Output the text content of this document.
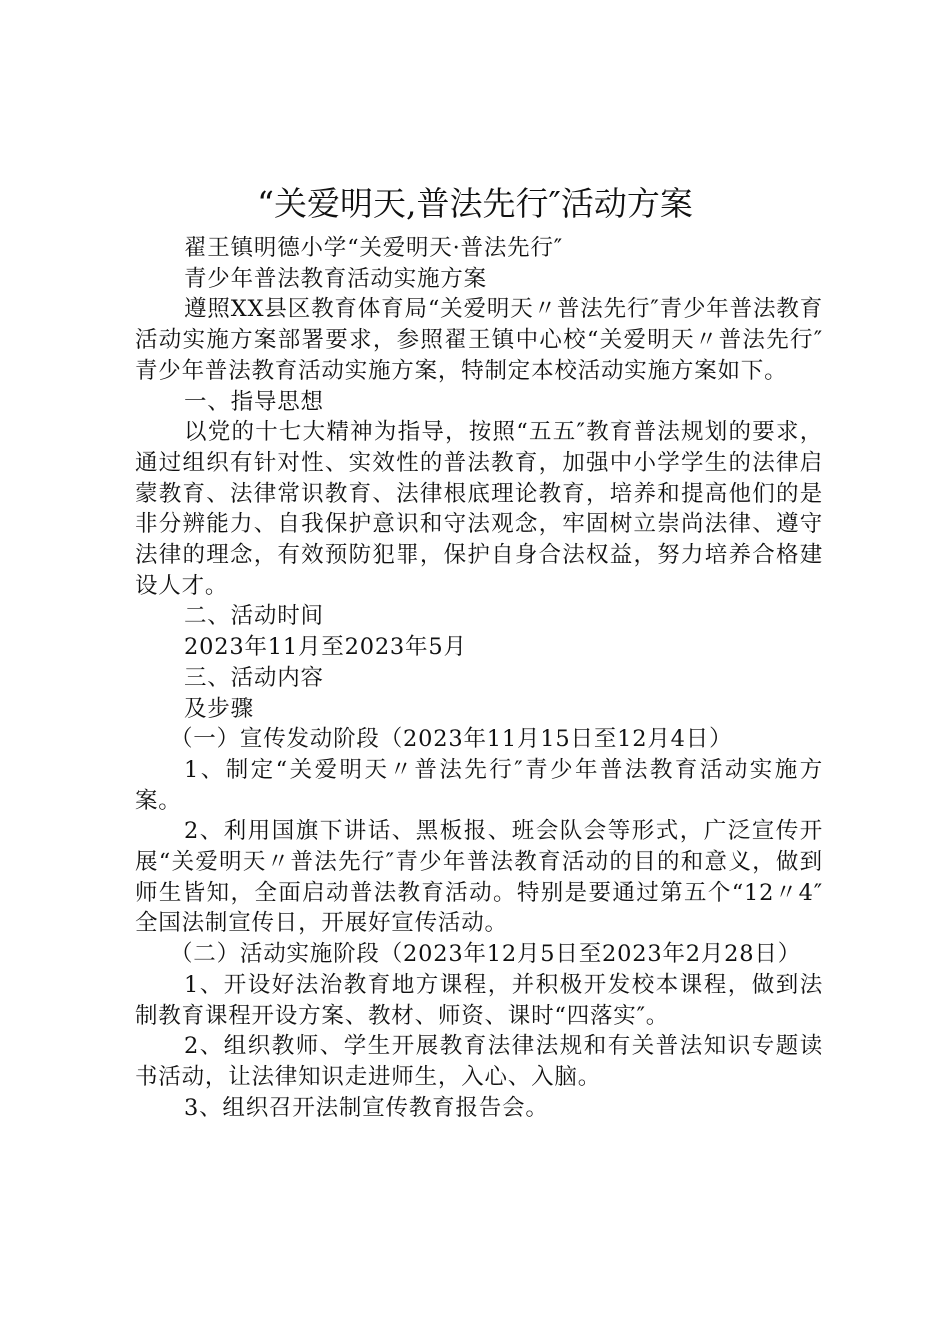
“关爱明天,普法先行″活动方案

翟王镇明德小学“关爱明天·普法先行″

青少年普法教育活动实施方案

遵照XX县区教育体育局“关爱明天〃普法先行″青少年普法教育活动实施方案部署要求，参照翟王镇中心校“关爱明天〃普法先行″青少年普法教育活动实施方案，特制定本校活动实施方案如下。

一、指导思想

以党的十七大精神为指导，按照“五五″教育普法规划的要求，通过组织有针对性、实效性的普法教育，加强中小学学生的法律启蒙教育、法律常识教育、法律根底理论教育，培养和提高他们的是非分辨能力、自我保护意识和守法观念，牢固树立崇尚法律、遵守法律的理念，有效预防犯罪，保护自身合法权益，努力培养合格建设人才。

二、活动时间

2023年11月至2023年5月

三、活动内容

及步骤

（一）宣传发动阶段（2023年11月15日至12月4日）

1、制定“关爱明天〃普法先行″青少年普法教育活动实施方案。

2、利用国旗下讲话、黑板报、班会队会等形式，广泛宣传开展“关爱明天〃普法先行″青少年普法教育活动的目的和意义，做到师生皆知，全面启动普法教育活动。特别是要通过第五个“12〃4″全国法制宣传日，开展好宣传活动。

（二）活动实施阶段（2023年12月5日至2023年2月28日）

1、开设好法治教育地方课程，并积极开发校本课程，做到法制教育课程开设方案、教材、师资、课时“四落实″。

2、组织教师、学生开展教育法律法规和有关普法知识专题读书活动，让法律知识走进师生，入心、入脑。

3、组织召开法制宣传教育报告会。
